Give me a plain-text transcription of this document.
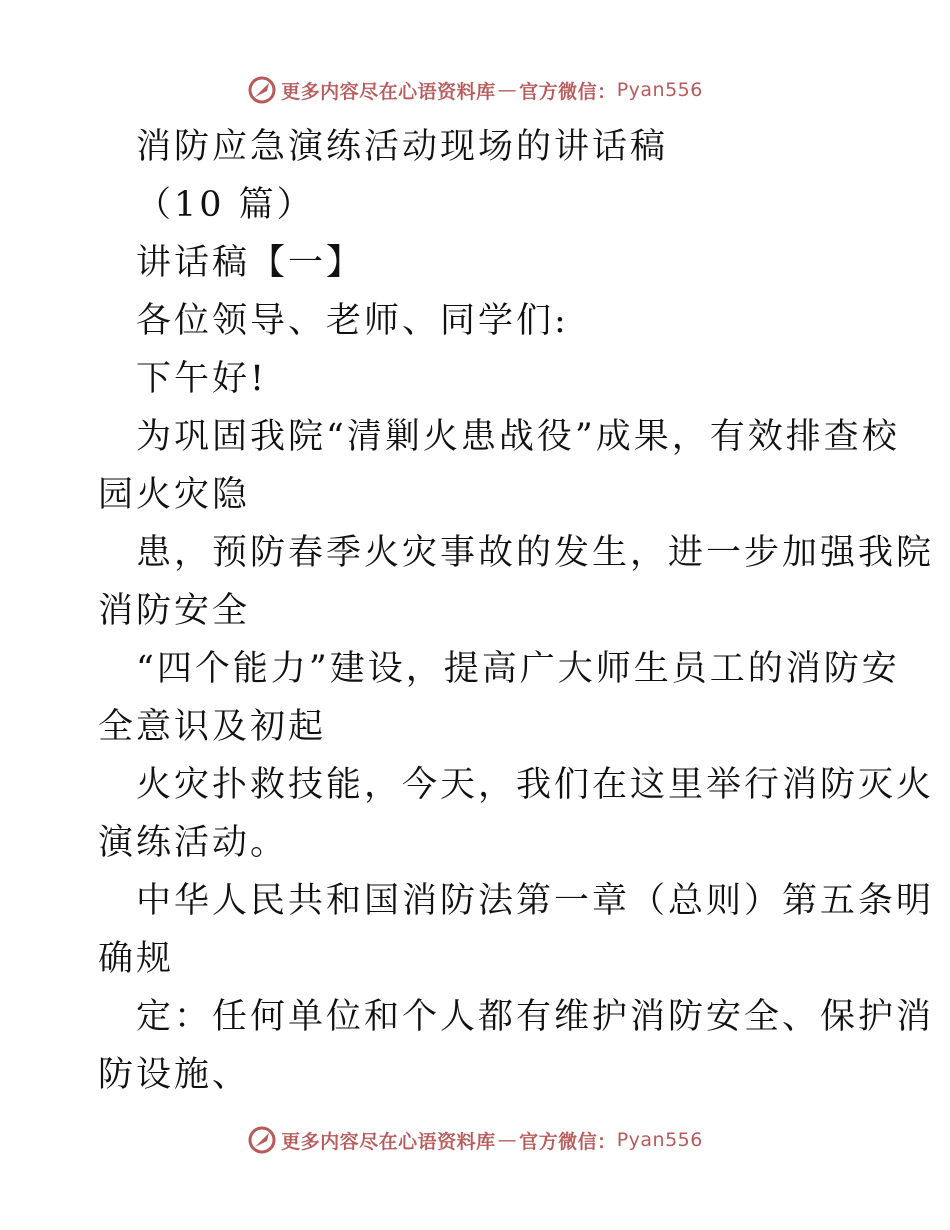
更多内容尽在心语资料库 — 官方微信： Pyan556
消防应急演练活动现场的讲话稿
（10 篇）
讲话稿【一】
各位领导、老师、同学们:
下午好!
为巩固我院“清剿火患战役”成果，有效排查校
园火灾隐
患，预防春季火灾事故的发生，进一步加强我院
消防安全
“四个能力”建设，提高广大师生员工的消防安
全意识及初起
火灾扑救技能，今天，我们在这里举行消防灭火
演练活动。
中华人民共和国消防法第一章（总则）第五条明
确规
定：任何单位和个人都有维护消防安全、保护消
防设施、
更多内容尽在心语资料库 — 官方微信： Pyan556
